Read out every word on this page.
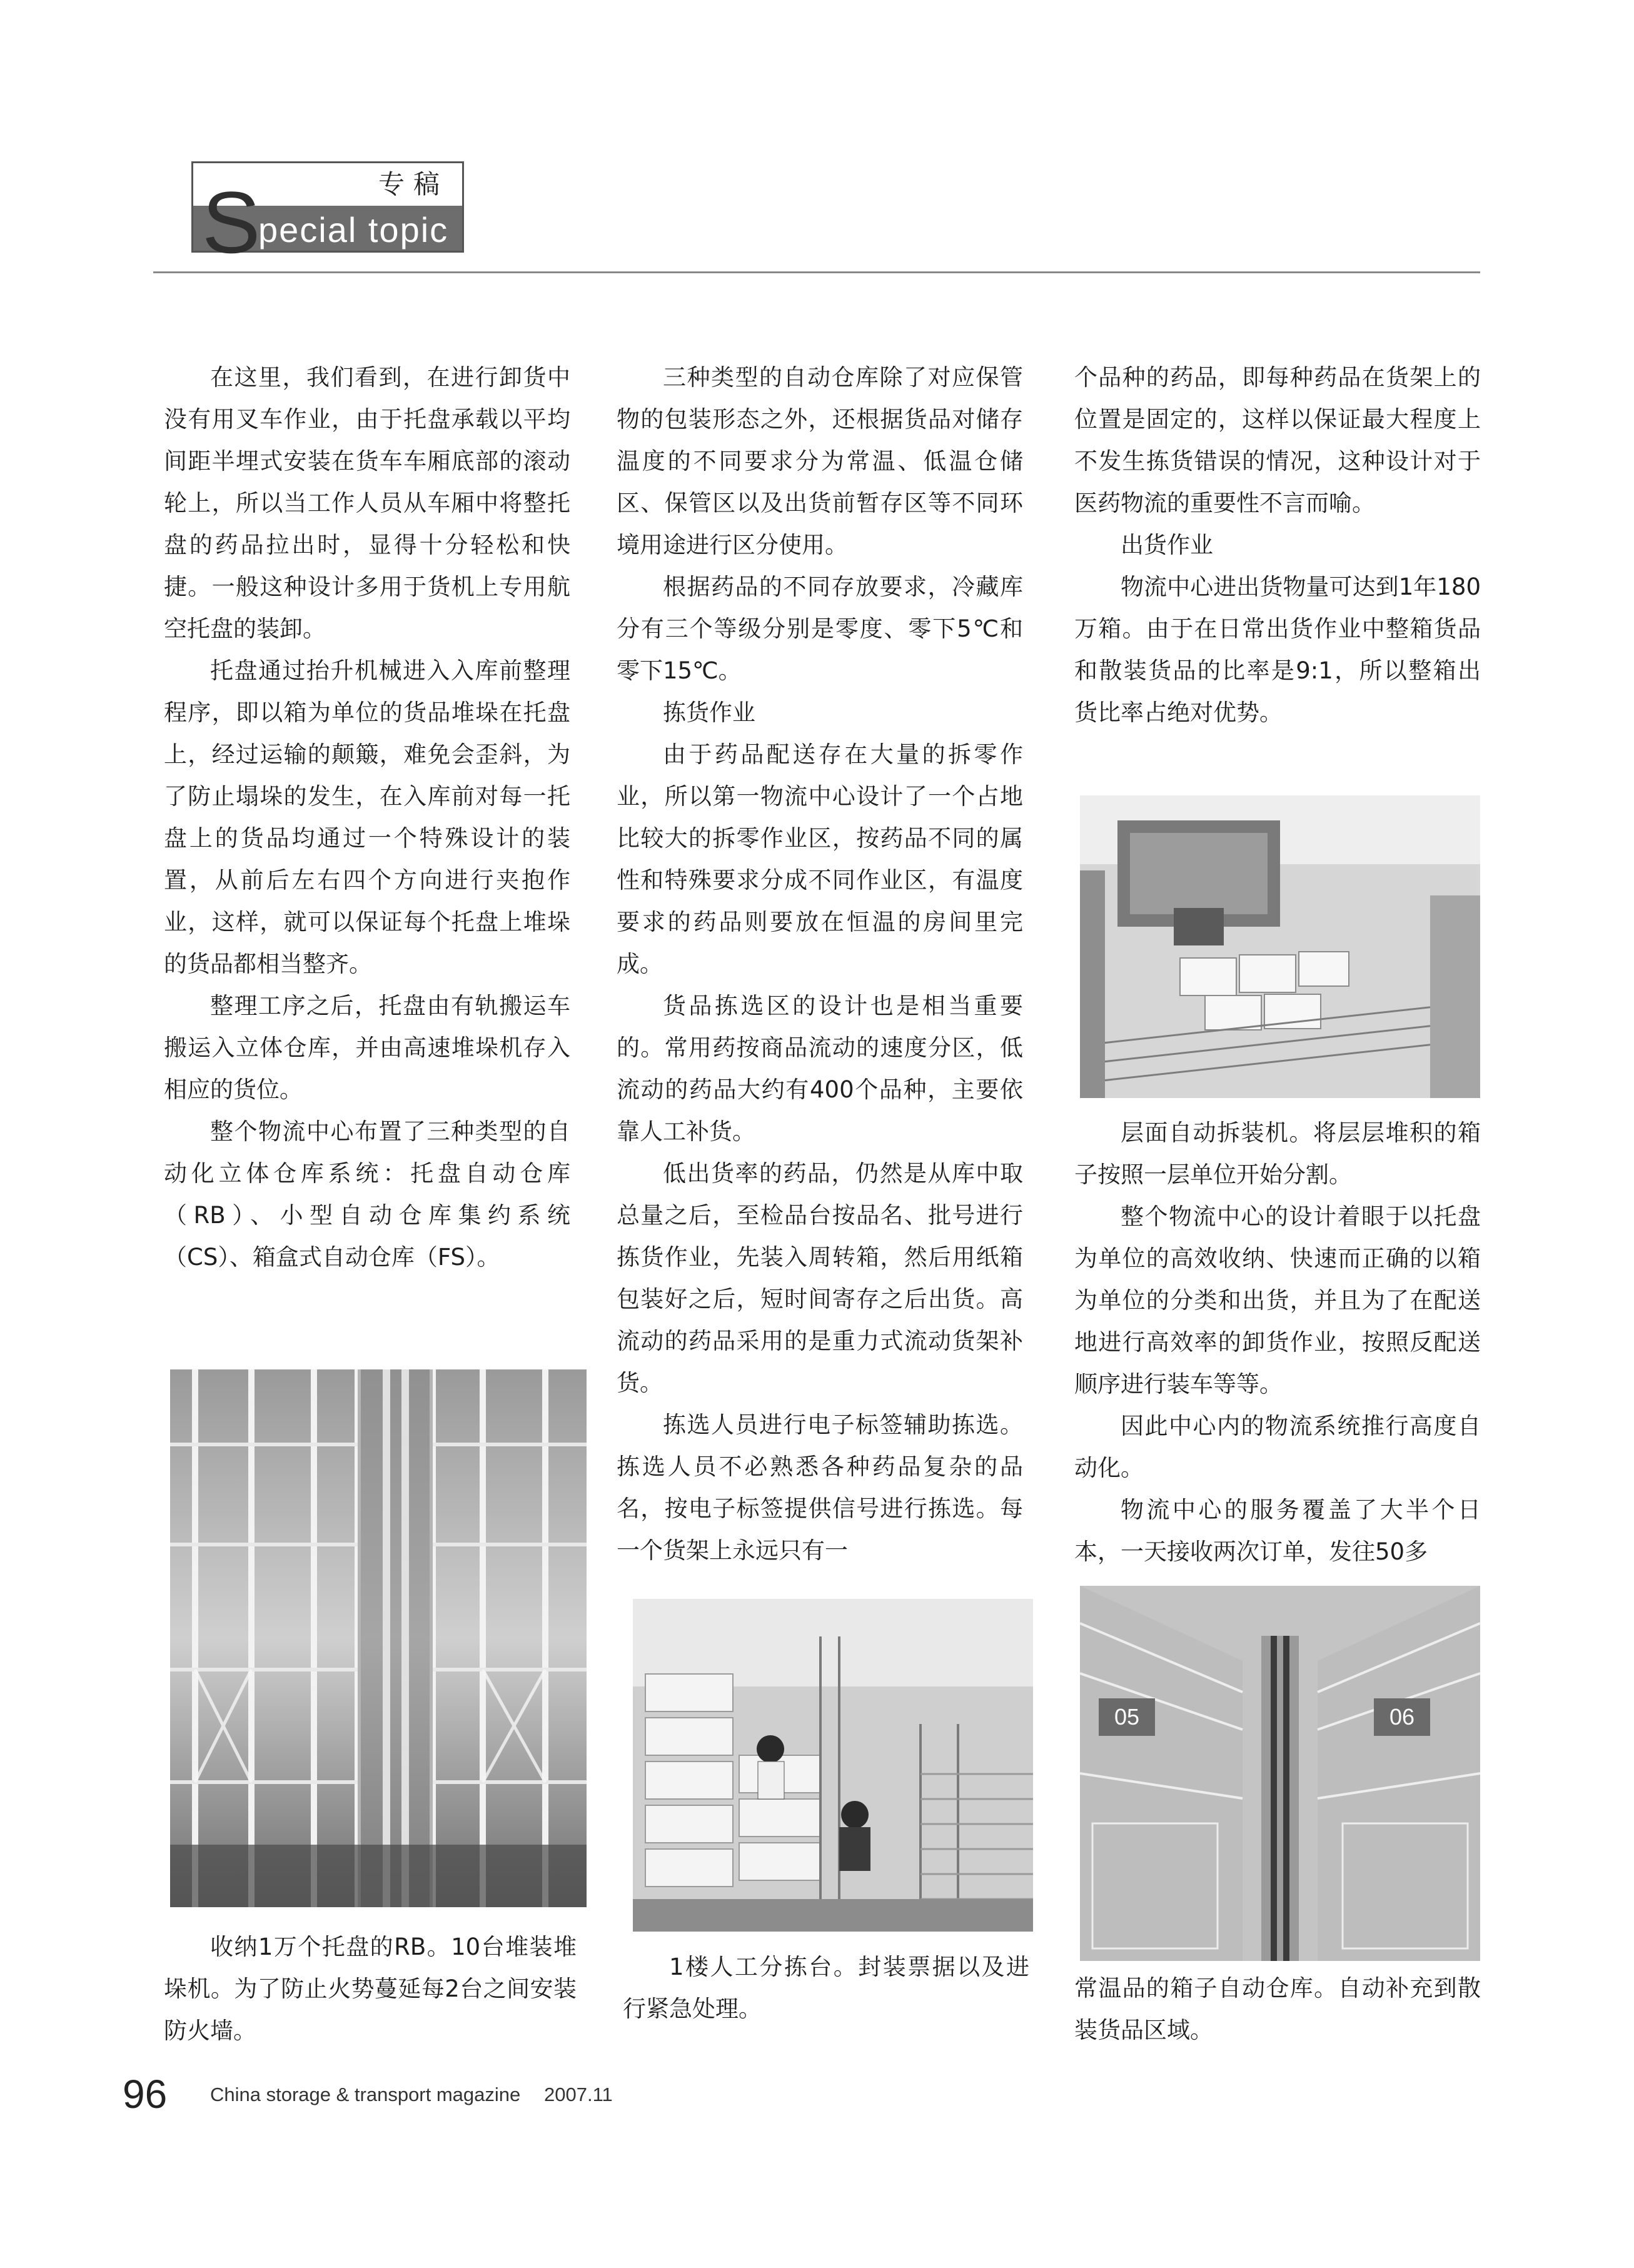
专稿
pecial topic
S

在这里，我们看到，在进行卸货中没有用叉车作业，由于托盘承载以平均间距半埋式安装在货车车厢底部的滚动轮上，所以当工作人员从车厢中将整托盘的药品拉出时，显得十分轻松和快捷。一般这种设计多用于货机上专用航空托盘的装卸。

托盘通过抬升机械进入入库前整理程序，即以箱为单位的货品堆垛在托盘上，经过运输的颠簸，难免会歪斜，为了防止塌垛的发生，在入库前对每一托盘上的货品均通过一个特殊设计的装置，从前后左右四个方向进行夹抱作业，这样，就可以保证每个托盘上堆垛的货品都相当整齐。

整理工序之后，托盘由有轨搬运车搬运入立体仓库，并由高速堆垛机存入相应的货位。

整个物流中心布置了三种类型的自动化立体仓库系统：托盘自动仓库（RB）、小型自动仓库集约系统（CS）、箱盒式自动仓库（FS）。

三种类型的自动仓库除了对应保管物的包装形态之外，还根据货品对储存温度的不同要求分为常温、低温仓储区、保管区以及出货前暂存区等不同环境用途进行区分使用。

根据药品的不同存放要求，冷藏库分有三个等级分别是零度、零下5℃和零下15℃。

拣货作业

由于药品配送存在大量的拆零作业，所以第一物流中心设计了一个占地比较大的拆零作业区，按药品不同的属性和特殊要求分成不同作业区，有温度要求的药品则要放在恒温的房间里完成。

货品拣选区的设计也是相当重要的。常用药按商品流动的速度分区，低流动的药品大约有400个品种，主要依靠人工补货。

低出货率的药品，仍然是从库中取总量之后，至检品台按品名、批号进行拣货作业，先装入周转箱，然后用纸箱包装好之后，短时间寄存之后出货。高流动的药品采用的是重力式流动货架补货。

拣选人员进行电子标签辅助拣选。拣选人员不必熟悉各种药品复杂的品名，按电子标签提供信号进行拣选。每一个货架上永远只有一

个品种的药品，即每种药品在货架上的位置是固定的，这样以保证最大程度上不发生拣货错误的情况，这种设计对于医药物流的重要性不言而喻。

出货作业

物流中心进出货物量可达到1年180万箱。由于在日常出货作业中整箱货品和散装货品的比率是9:1，所以整箱出货比率占绝对优势。

层面自动拆装机。将层层堆积的箱子按照一层单位开始分割。

整个物流中心的设计着眼于以托盘为单位的高效收纳、快速而正确的以箱为单位的分类和出货，并且为了在配送地进行高效率的卸货作业，按照反配送顺序进行装车等等。

因此中心内的物流系统推行高度自动化。

物流中心的服务覆盖了大半个日本，一天接收两次订单，发往50多

收纳1万个托盘的RB。10台堆装堆垛机。为了防止火势蔓延每2台之间安装防火墙。
1楼人工分拣台。封装票据以及进行紧急处理。
05	06
常温品的箱子自动仓库。自动补充到散装货品区域。
96 China storage & transport magazine 2007.11
